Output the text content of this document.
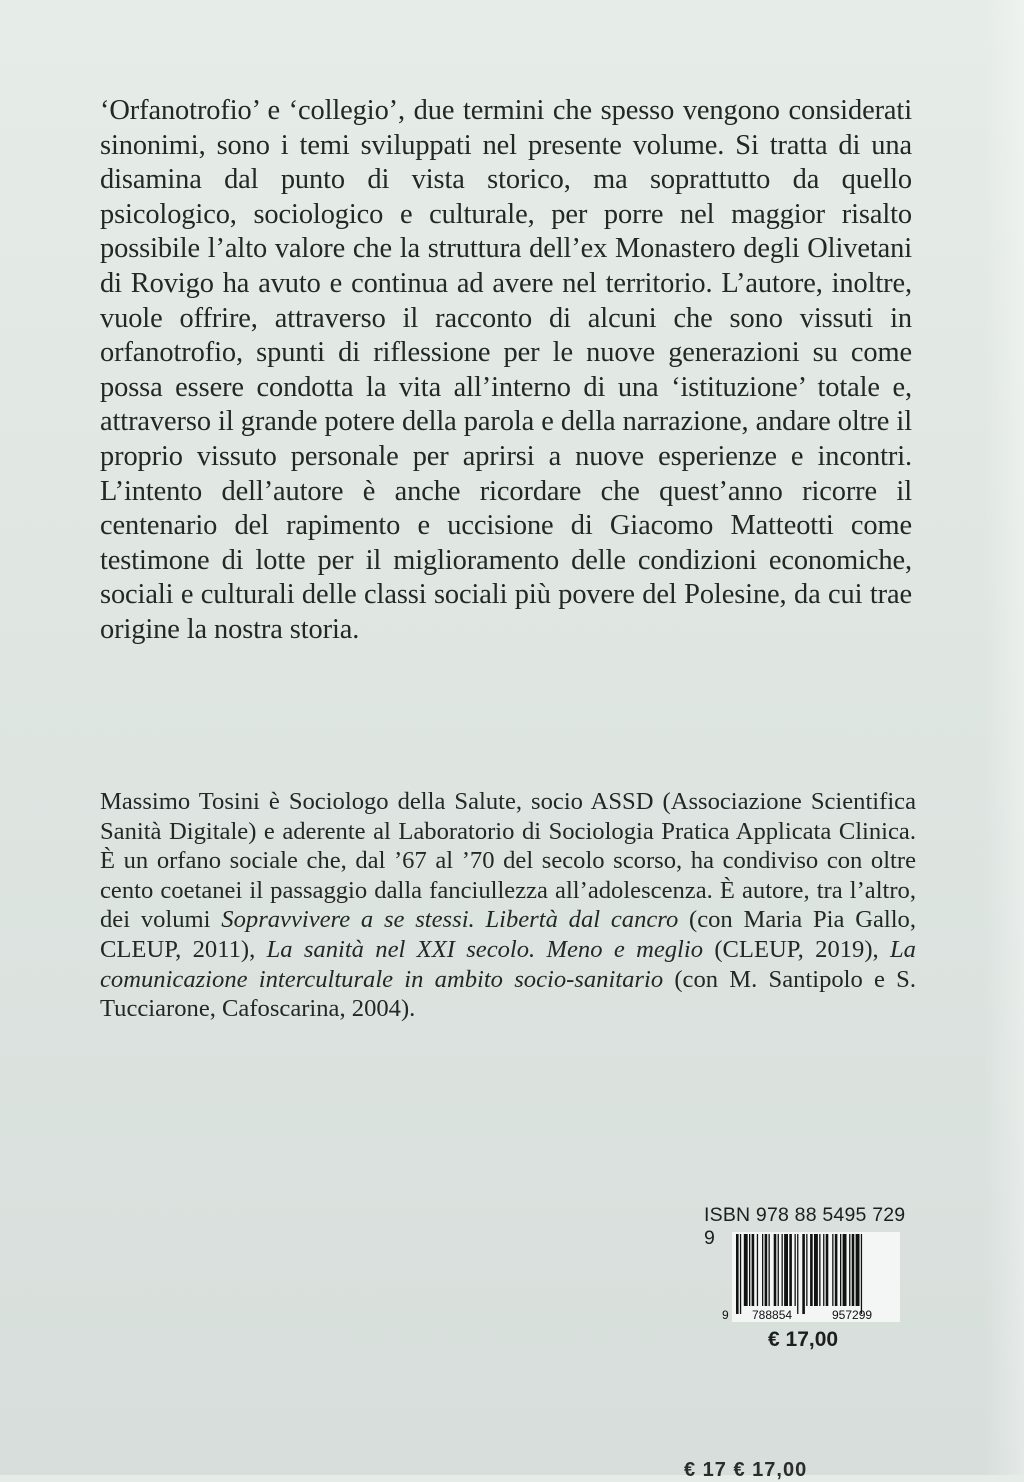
‘Orfanotrofio’ e ‘collegio’, due termini che spesso vengono considerati sinonimi, sono i temi sviluppati nel presente volume. Si tratta di una disamina dal punto di vista storico, ma soprattutto da quello psicologico, sociologico e culturale, per porre nel maggior risalto possibile l’alto valore che la struttura dell’ex Monastero degli Olivetani di Rovigo ha avuto e continua ad avere nel territorio. L’autore, inoltre, vuole offrire, attraverso il racconto di alcuni che sono vissuti in orfanotrofio, spunti di riflessione per le nuove generazioni su come possa essere condotta la vita all’interno di una ‘istituzione’ totale e, attraverso il grande potere della parola e della narrazione, andare oltre il proprio vissuto personale per aprirsi a nuove esperienze e incontri. L’intento dell’autore è anche ricordare che quest’anno ricorre il centenario del rapimento e uccisione di Giacomo Matteotti come testimone di lotte per il miglioramento delle condizioni economiche, sociali e culturali delle classi sociali più povere del Polesine, da cui trae origine la nostra storia.

Massimo Tosini è Sociologo della Salute, socio ASSD (Associazione Scientifica Sanità Digitale) e aderente al Laboratorio di Sociologia Pratica Applicata Clinica. È un orfano sociale che, dal ’67 al ’70 del secolo scorso, ha condiviso con oltre cento coetanei il passaggio dalla fanciullezza all’adolescenza. È autore, tra l’altro, dei volumi Sopravvivere a se stessi. Libertà dal cancro (con Maria Pia Gallo, CLEUP, 2011), La sanità nel XXI secolo. Meno e meglio (CLEUP, 2019), La comunicazione interculturale in ambito socio-sanitario (con M. Santipolo e S. Tucciarone, Cafoscarina, 2004).

ISBN 978 88 5495 729 9
9 788854	957299
€ 17,00
€ 17 € 17,00
